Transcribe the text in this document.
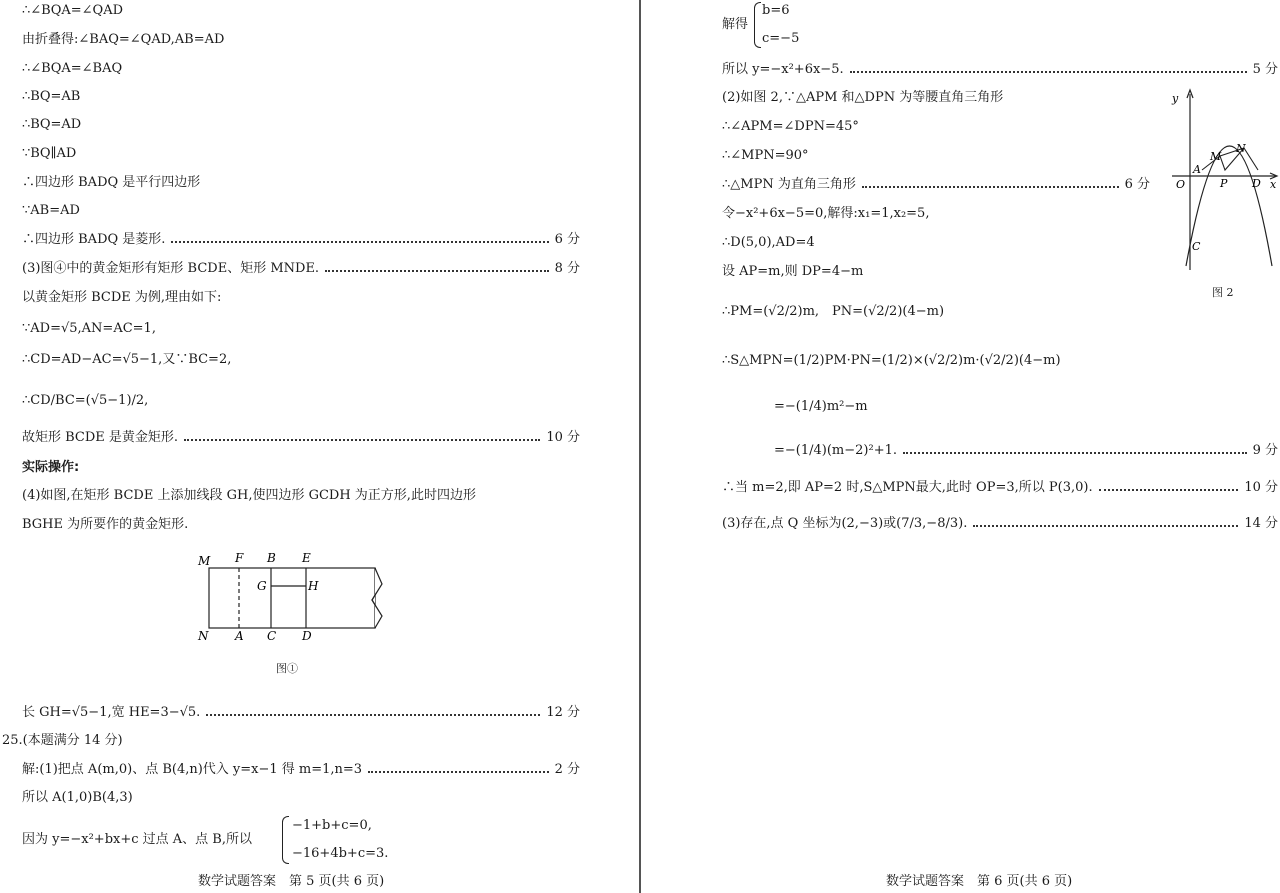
∴∠BQA=∠QAD
由折叠得:∠BAQ=∠QAD,AB=AD
∴∠BQA=∠BAQ
∴BQ=AB
∴BQ=AD
∵BQ∥AD
∴四边形 BADQ 是平行四边形
∵AB=AD
∴四边形 BADQ 是菱形.	6 分
(3)图④中的黄金矩形有矩形 BCDE、矩形 MNDE.	8 分
以黄金矩形 BCDE 为例,理由如下:
∵AD=√5,AN=AC=1,
∴CD=AD−AC=√5−1,又∵BC=2,
∴CD/BC=(√5−1)/2,
故矩形 BCDE 是黄金矩形.	10 分
实际操作:
(4)如图,在矩形 BCDE 上添加线段 GH,使四边形 GCDH 为正方形,此时四边形
BGHE 为所要作的黄金矩形.
M F B E
G	H
N A C D
图①
长 GH=√5−1,宽 HE=3−√5.	12 分
25.(本题满分 14 分)
解:(1)把点 A(m,0)、点 B(4,n)代入 y=x−1 得 m=1,n=3	2 分
所以 A(1,0)B(4,3)
因为 y=−x²+bx+c 过点 A、点 B,所以
−1+b+c=0,
−16+4b+c=3.
数学试题答案　第 5 页(共 6 页)
解得
b=6
c=−5
所以 y=−x²+6x−5.	5 分
(2)如图 2,∵△APM 和△DPN 为等腰直角三角形
∴∠APM=∠DPN=45°
∴∠MPN=90°
∴△MPN 为直角三角形	6 分
令−x²+6x−5=0,解得:x₁=1,x₂=5,
∴D(5,0),AD=4
设 AP=m,则 DP=4−m
∴PM=(√2/2)m,　PN=(√2/2)(4−m)
∴S△MPN=(1/2)PM·PN=(1/2)×(√2/2)m·(√2/2)(4−m)
=−(1/4)m²−m
=−(1/4)(m−2)²+1.	9 分
∴当 m=2,即 AP=2 时,S△MPN最大,此时 OP=3,所以 P(3,0).	10 分
(3)存在,点 Q 坐标为(2,−3)或(7/3,−8/3).	14 分
y
x
O
A
M
N
P D
C
图 2
数学试题答案　第 6 页(共 6 页)
